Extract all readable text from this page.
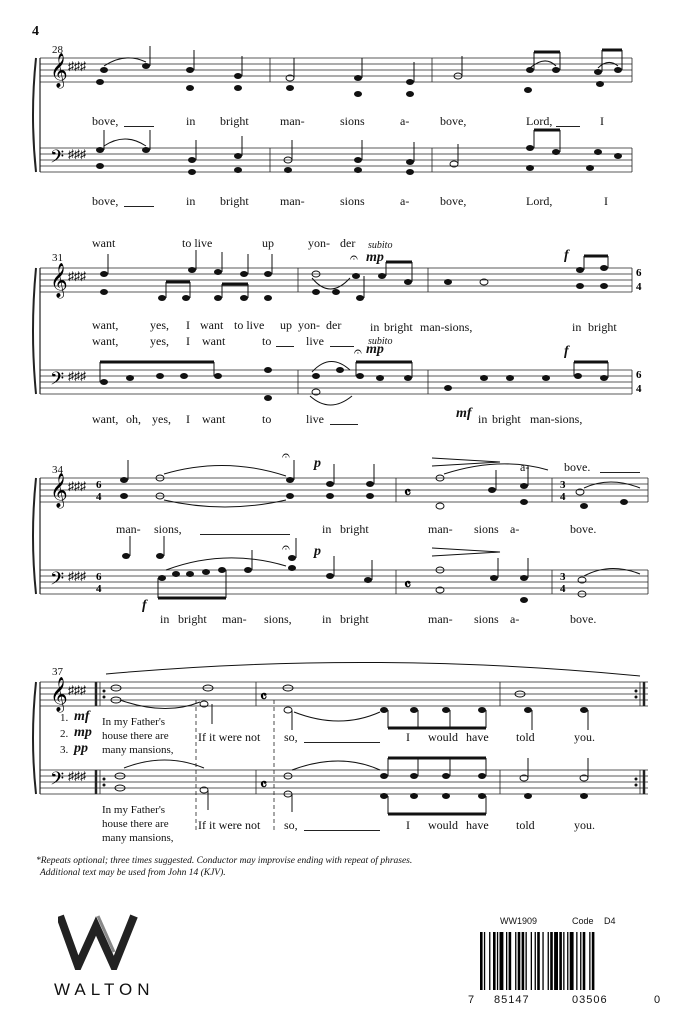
4
28
𝄞
𝄢
♯♯♯
♯♯♯
bove,	in bright	man-	sions	a-	bove,	Lord,	I
bove,	in bright	man-	sions	a-	bove,	Lord,	I
want	to live	up	yon- der subito
mp	f
31
𝄞
𝄢
♯♯♯
♯♯♯
6
4
6
4
𝄐
𝄐
want,	yes, I want to live up yon- der in bright man-sions,	in bright
want,	yes, I want	to	live	subito
mp	f
want, oh, yes, I want	to	live	mf in bright man-sions,
34	p	a-	bove.
𝄞
𝄢
♯♯♯
♯♯♯
6
4
6
4
𝄴
𝄴
3
4
3
4
𝄐
𝄐 p
f
man- sions,	in bright	man- sions a-	bove.
in bright man- sions,	in bright	man- sions a-	bove.
37
𝄞
𝄢
♯♯♯
♯♯♯
𝄴
𝄴
1. mf
2. mp
3. pp
In my Father's
house there are
many mansions,
If it were not so,	I would have told	you.
In my Father's
house there are
many mansions,
If it were not so,	I would have told	you.
*Repeats optional; three times suggested. Conductor may improvise ending with repeat of phrases.
Additional text may be used from John 14 (KJV).
WALTON
WW1909	Code D4
7 85147	03506	0
